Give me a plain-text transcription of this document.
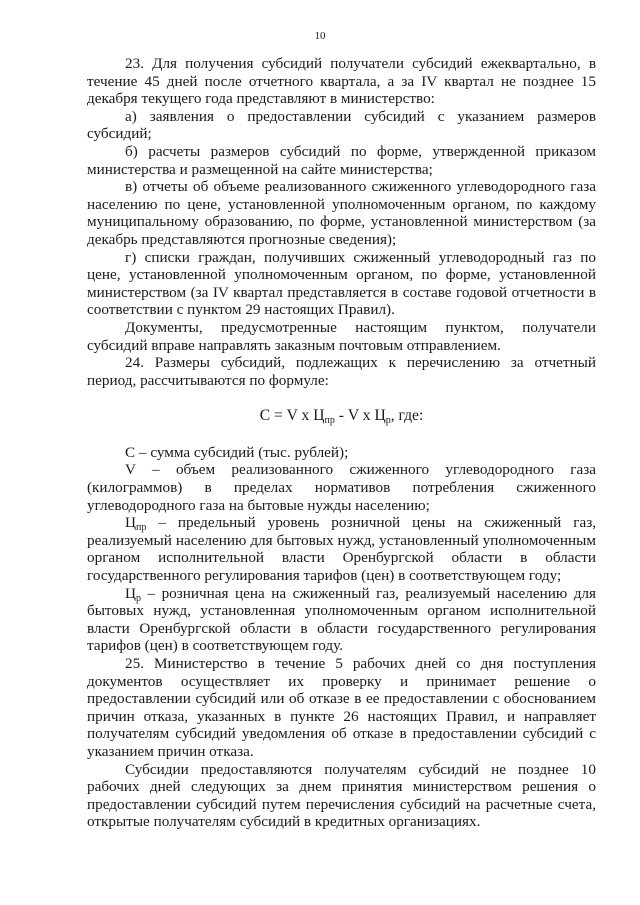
10

23. Для получения субсидий получатели субсидий ежеквартально, в течение 45 дней после отчетного квартала, а за IV квартал не позднее 15 декабря текущего года представляют в министерство:

а) заявления о предоставлении субсидий с указанием размеров субсидий;

б) расчеты размеров субсидий по форме, утвержденной приказом министерства и размещенной на сайте министерства;

в) отчеты об объеме реализованного сжиженного углеводородного газа населению по цене, установленной уполномоченным органом, по каждому муниципальному образованию, по форме, установленной министерством (за декабрь представляются прогнозные сведения);

г) списки граждан, получивших сжиженный углеводородный газ по цене, установленной уполномоченным органом, по форме, установленной министерством (за IV квартал представляется в составе годовой отчетности в соответствии с пунктом 29 настоящих Правил).

Документы, предусмотренные настоящим пунктом, получатели субсидий вправе направлять заказным почтовым отправлением.

24. Размеры субсидий, подлежащих к перечислению за отчетный период, рассчитываются по формуле:

С = V х $Ц_{пр}$ - V х $Ц_р$, где:

С – сумма субсидий (тыс. рублей);

V – объем реализованного сжиженного углеводородного газа (килограммов) в пределах нормативов потребления сжиженного углеводородного газа на бытовые нужды населению;

$Ц_{пр}$ – предельный уровень розничной цены на сжиженный газ, реализуемый населению для бытовых нужд, установленный уполномоченным органом исполнительной власти Оренбургской области в области государственного регулирования тарифов (цен) в соответствующем году;

$Ц_р$ – розничная цена на сжиженный газ, реализуемый населению для бытовых нужд, установленная уполномоченным органом исполнительной власти Оренбургской области в области государственного регулирования тарифов (цен) в соответствующем году.

25. Министерство в течение 5 рабочих дней со дня поступления документов осуществляет их проверку и принимает решение о предоставлении субсидий или об отказе в ее предоставлении с обоснованием причин отказа, указанных в пункте 26 настоящих Правил, и направляет получателям субсидий уведомления об отказе в предоставлении субсидий с указанием причин отказа.

Субсидии предоставляются получателям субсидий не позднее 10 рабочих дней следующих за днем принятия министерством решения о предоставлении субсидий путем перечисления субсидий на расчетные счета, открытые получателям субсидий в кредитных организациях.
